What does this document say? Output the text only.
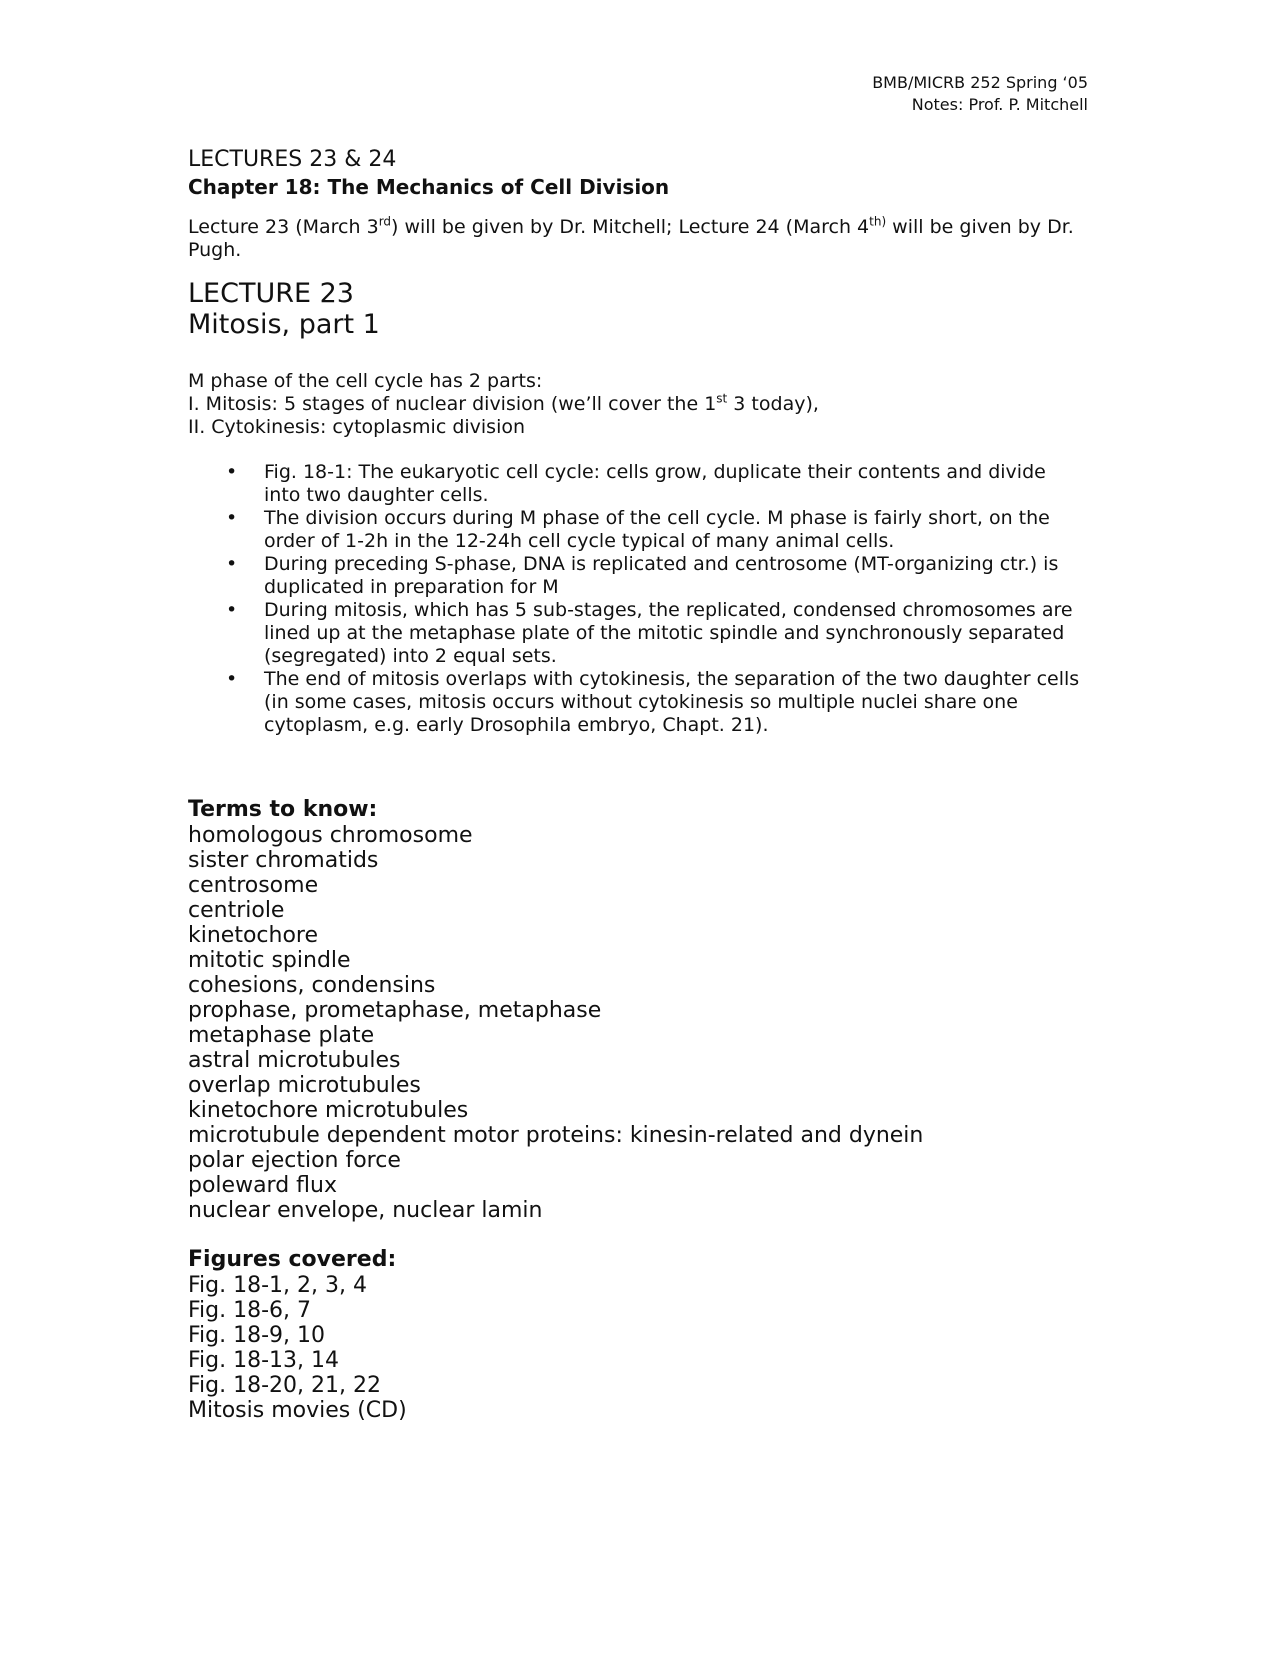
BMB/MICRB 252 Spring ‘05
Notes: Prof. P. Mitchell
LECTURES 23 & 24
Chapter 18: The Mechanics of Cell Division

Lecture 23 (March 3rd) will be given by Dr. Mitchell; Lecture 24 (March $4^{th)}$ will be given by Dr. Pugh.

LECTURE 23
Mitosis, part 1
M phase of the cell cycle has 2 parts:
I. Mitosis: 5 stages of nuclear division (we’ll cover the 1st 3 today),
II. Cytokinesis: cytoplasmic division
• Fig. 18-1: The eukaryotic cell cycle: cells grow, duplicate their contents and divide into two daughter cells.
• The division occurs during M phase of the cell cycle. M phase is fairly short, on the order of 1-2h in the 12-24h cell cycle typical of many animal cells.
• During preceding S-phase, DNA is replicated and centrosome (MT-organizing ctr.) is duplicated in preparation for M
• During mitosis, which has 5 sub-stages, the replicated, condensed chromosomes are lined up at the metaphase plate of the mitotic spindle and synchronously separated (segregated) into 2 equal sets.
• The end of mitosis overlaps with cytokinesis, the separation of the two daughter cells (in some cases, mitosis occurs without cytokinesis so multiple nuclei share one cytoplasm, e.g. early Drosophila embryo, Chapt. 21).
Terms to know:
homologous chromosome
sister chromatids
centrosome
centriole
kinetochore
mitotic spindle
cohesions, condensins
prophase, prometaphase, metaphase
metaphase plate
astral microtubules
overlap microtubules
kinetochore microtubules
microtubule dependent motor proteins: kinesin-related and dynein
polar ejection force
poleward flux
nuclear envelope, nuclear lamin
Figures covered:
Fig. 18-1, 2, 3, 4
Fig. 18-6, 7
Fig. 18-9, 10
Fig. 18-13, 14
Fig. 18-20, 21, 22
Mitosis movies (CD)
